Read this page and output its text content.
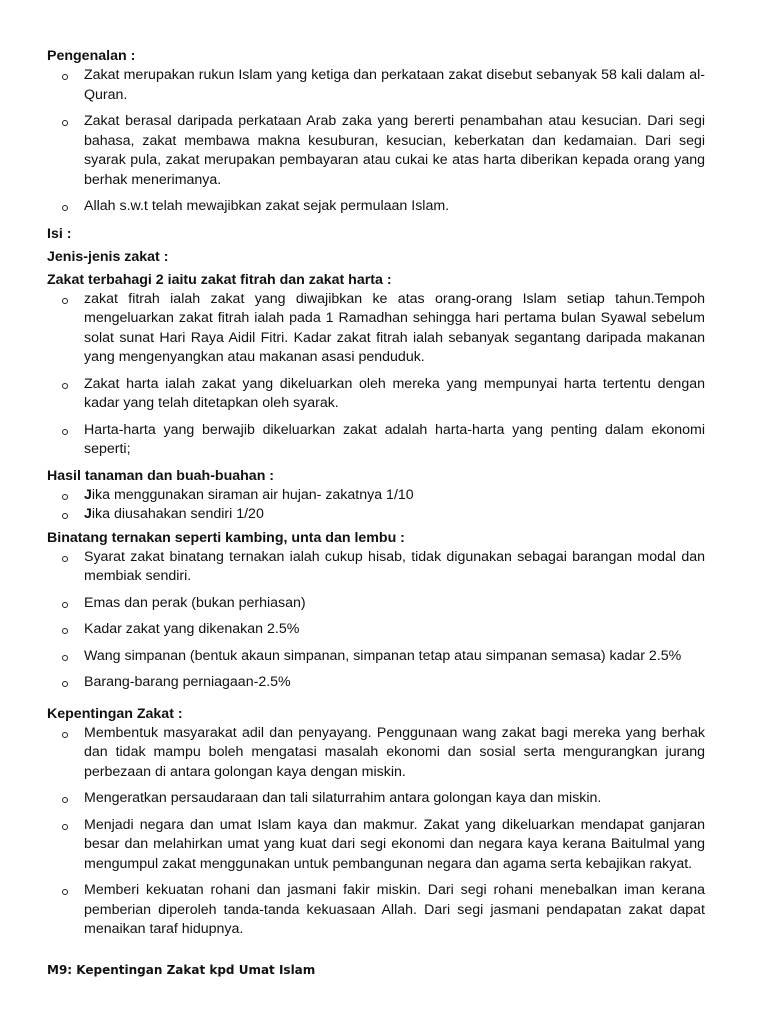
Pengenalan :
Zakat merupakan rukun Islam yang ketiga dan perkataan zakat disebut sebanyak 58 kali dalam al-Quran.
Zakat berasal daripada perkataan Arab zaka yang bererti penambahan atau kesucian. Dari segi bahasa, zakat membawa makna kesuburan, kesucian, keberkatan dan kedamaian. Dari segi syarak pula, zakat merupakan pembayaran atau cukai ke atas harta diberikan kepada orang yang berhak menerimanya.
Allah s.w.t telah mewajibkan zakat sejak permulaan Islam.
Isi :
Jenis-jenis zakat :
Zakat terbahagi 2 iaitu zakat fitrah dan zakat harta :
zakat fitrah ialah zakat yang diwajibkan ke atas orang-orang Islam setiap tahun.Tempoh mengeluarkan zakat fitrah ialah pada 1 Ramadhan sehingga hari pertama bulan Syawal sebelum solat sunat Hari Raya Aidil Fitri. Kadar zakat fitrah ialah sebanyak segantang daripada makanan yang mengenyangkan atau makanan asasi penduduk.
Zakat harta ialah zakat yang dikeluarkan oleh mereka yang mempunyai harta tertentu dengan kadar yang telah ditetapkan oleh syarak.
Harta-harta yang berwajib dikeluarkan zakat adalah harta-harta yang penting dalam ekonomi seperti;
Hasil tanaman dan buah-buahan :
Jika menggunakan siraman air hujan- zakatnya 1/10
Jika diusahakan sendiri 1/20
Binatang ternakan seperti kambing, unta dan lembu :
Syarat zakat binatang ternakan ialah cukup hisab, tidak digunakan sebagai barangan modal dan membiak sendiri.
Emas dan perak (bukan perhiasan)
Kadar zakat yang dikenakan 2.5%
Wang simpanan (bentuk akaun simpanan, simpanan tetap atau simpanan semasa) kadar 2.5%
Barang-barang perniagaan-2.5%
Kepentingan Zakat :
Membentuk masyarakat adil dan penyayang. Penggunaan wang zakat bagi mereka yang berhak dan tidak mampu boleh mengatasi masalah ekonomi dan sosial serta mengurangkan jurang perbezaan di antara golongan kaya dengan miskin.
Mengeratkan persaudaraan dan tali silaturrahim antara golongan kaya dan miskin.
Menjadi negara dan umat Islam kaya dan makmur. Zakat yang dikeluarkan mendapat ganjaran besar dan melahirkan umat yang kuat dari segi ekonomi dan negara kaya kerana Baitulmal yang mengumpul zakat menggunakan untuk pembangunan negara dan agama serta kebajikan rakyat.
Memberi kekuatan rohani dan jasmani fakir miskin. Dari segi rohani menebalkan iman kerana pemberian diperoleh tanda-tanda kekuasaan Allah. Dari segi jasmani pendapatan zakat dapat menaikan taraf hidupnya.
M9: Kepentingan Zakat kpd Umat Islam
